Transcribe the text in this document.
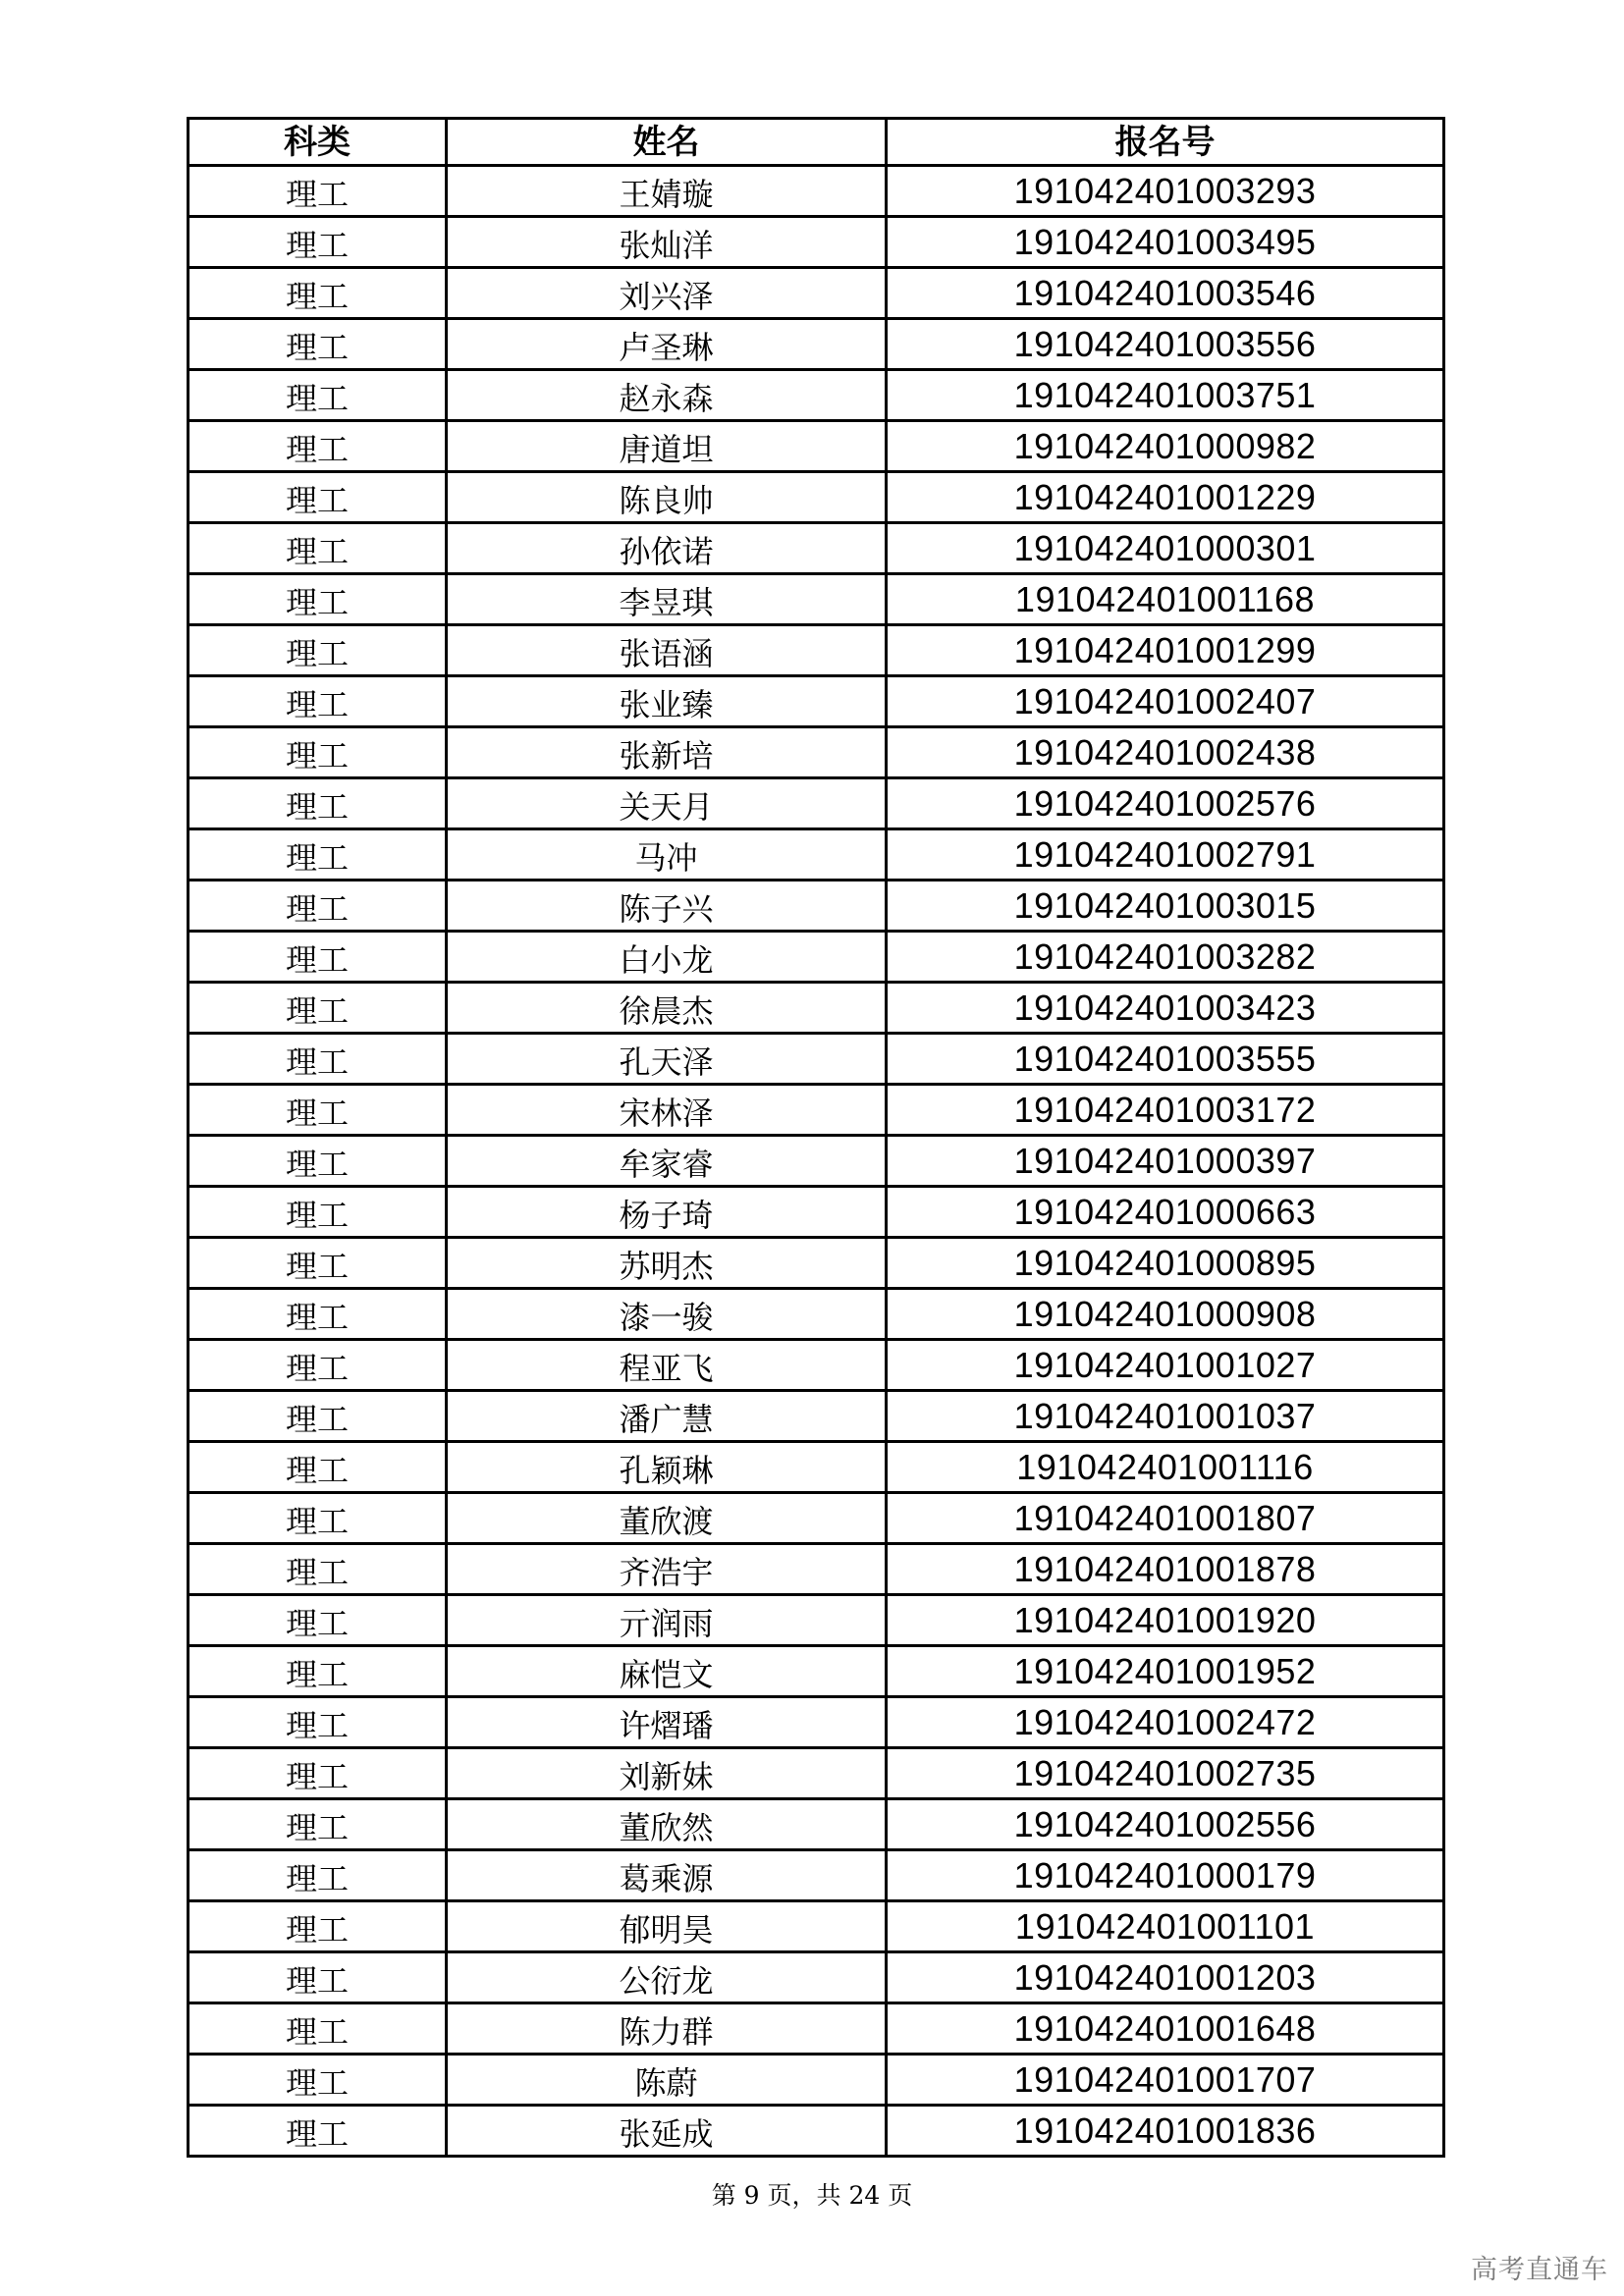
科类	姓名	报名号
理工	王婧璇	191042401003293
理工	张灿洋	191042401003495
理工	刘兴泽	191042401003546
理工	卢圣琳	191042401003556
理工	赵永森	191042401003751
理工	唐道坦	191042401000982
理工	陈良帅	191042401001229
理工	孙依诺	191042401000301
理工	李昱琪	191042401001168
理工	张语涵	191042401001299
理工	张业臻	191042401002407
理工	张新培	191042401002438
理工	关天月	191042401002576
理工	马冲	191042401002791
理工	陈子兴	191042401003015
理工	白小龙	191042401003282
理工	徐晨杰	191042401003423
理工	孔天泽	191042401003555
理工	宋林泽	191042401003172
理工	牟家睿	191042401000397
理工	杨子琦	191042401000663
理工	苏明杰	191042401000895
理工	漆一骏	191042401000908
理工	程亚飞	191042401001027
理工	潘广慧	191042401001037
理工	孔颖琳	191042401001116
理工	董欣渡	191042401001807
理工	齐浩宇	191042401001878
理工	亓润雨	191042401001920
理工	麻恺文	191042401001952
理工	许熠璠	191042401002472
理工	刘新妹	191042401002735
理工	董欣然	191042401002556
理工	葛乘源	191042401000179
理工	郁明昊	191042401001101
理工	公衍龙	191042401001203
理工	陈力群	191042401001648
理工	陈蔚	191042401001707
理工	张延成	191042401001836
第 9 页，共 24 页
高考直通车
